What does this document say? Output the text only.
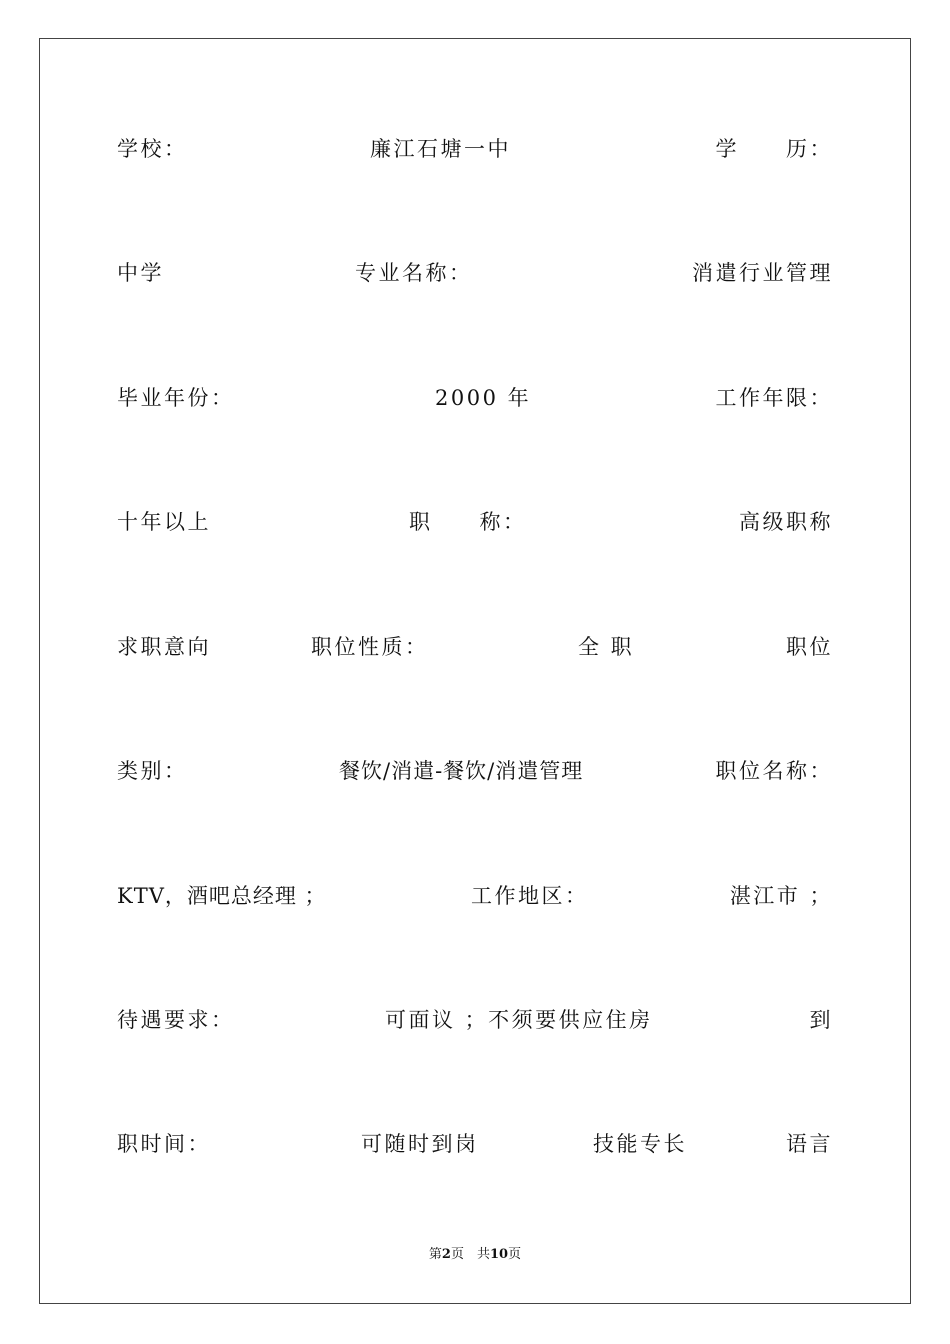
学校：	廉江石塘一中	学　　历：
中学	专业名称：	消遣行业管理
毕业年份：	2000 年	工作年限：
十年以上	职　　称：	高级职称
求职意向	职位性质：	全 职	职位
类别：	餐饮/消遣-餐饮/消遣管理	职位名称：
KTV，酒吧总经理 ；	工作地区：	湛江市 ；
待遇要求：	可面议 ；不须要供应住房	到
职时间：	可随时到岗	技能专长	语言
第2页　共10页
